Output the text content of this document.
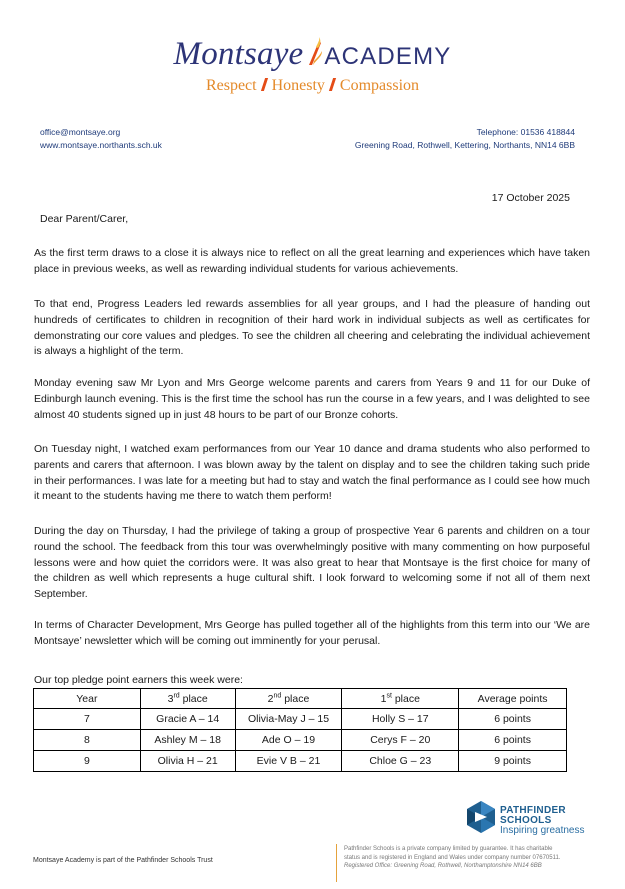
Montsaye ACADEMY
Respect Honesty Compassion
office@montsaye.org
www.montsaye.northants.sch.uk
Telephone: 01536 418844
Greening Road, Rothwell, Kettering, Northants, NN14 6BB
17 October 2025
Dear Parent/Carer,

As the first term draws to a close it is always nice to reflect on all the great learning and experiences which have taken place in previous weeks, as well as rewarding individual students for various achievements.

To that end, Progress Leaders led rewards assemblies for all year groups, and I had the pleasure of handing out hundreds of certificates to children in recognition of their hard work in individual subjects as well as certificates for demonstrating our core values and pledges. To see the children all cheering and celebrating the individual achievement is always a highlight of the term.

Monday evening saw Mr Lyon and Mrs George welcome parents and carers from Years 9 and 11 for our Duke of Edinburgh launch evening. This is the first time the school has run the course in a few years, and I was delighted to see almost 40 students signed up in just 48 hours to be part of our Bronze cohorts.

On Tuesday night, I watched exam performances from our Year 10 dance and drama students who also performed to parents and carers that afternoon. I was blown away by the talent on display and to see the children taking such pride in their performances. I was late for a meeting but had to stay and watch the final performance as I could see how much it meant to the students having me there to watch them perform!

During the day on Thursday, I had the privilege of taking a group of prospective Year 6 parents and children on a tour round the school. The feedback from this tour was overwhelmingly positive with many commenting on how purposeful lessons were and how quiet the corridors were. It was also great to hear that Montsaye is the first choice for many of the children as well which represents a huge cultural shift. I look forward to welcoming some if not all of them next September.

In terms of Character Development, Mrs George has pulled together all of the highlights from this term into our ‘We are Montsaye’ newsletter which will be coming out imminently for your perusal.

Our top pledge point earners this week were:
Year	3rd place	2nd place	1st place	Average points
7	Gracie A – 14	Olivia-May J – 15	Holly S – 17	6 points
8	Ashley M – 18	Ade O – 19	Cerys F – 20	6 points
9	Olivia H – 21	Evie V B – 21	Chloe G – 23	9 points
PATHFINDER
SCHOOLS
Inspiring greatness
Montsaye Academy is part of the Pathfinder Schools Trust
Pathfinder Schools is a private company limited by guarantee. It has charitable
status and is registered in England and Wales under company number 07670511.
Registered Office: Greening Road, Rothwell, Northamptonshire NN14 6BB
